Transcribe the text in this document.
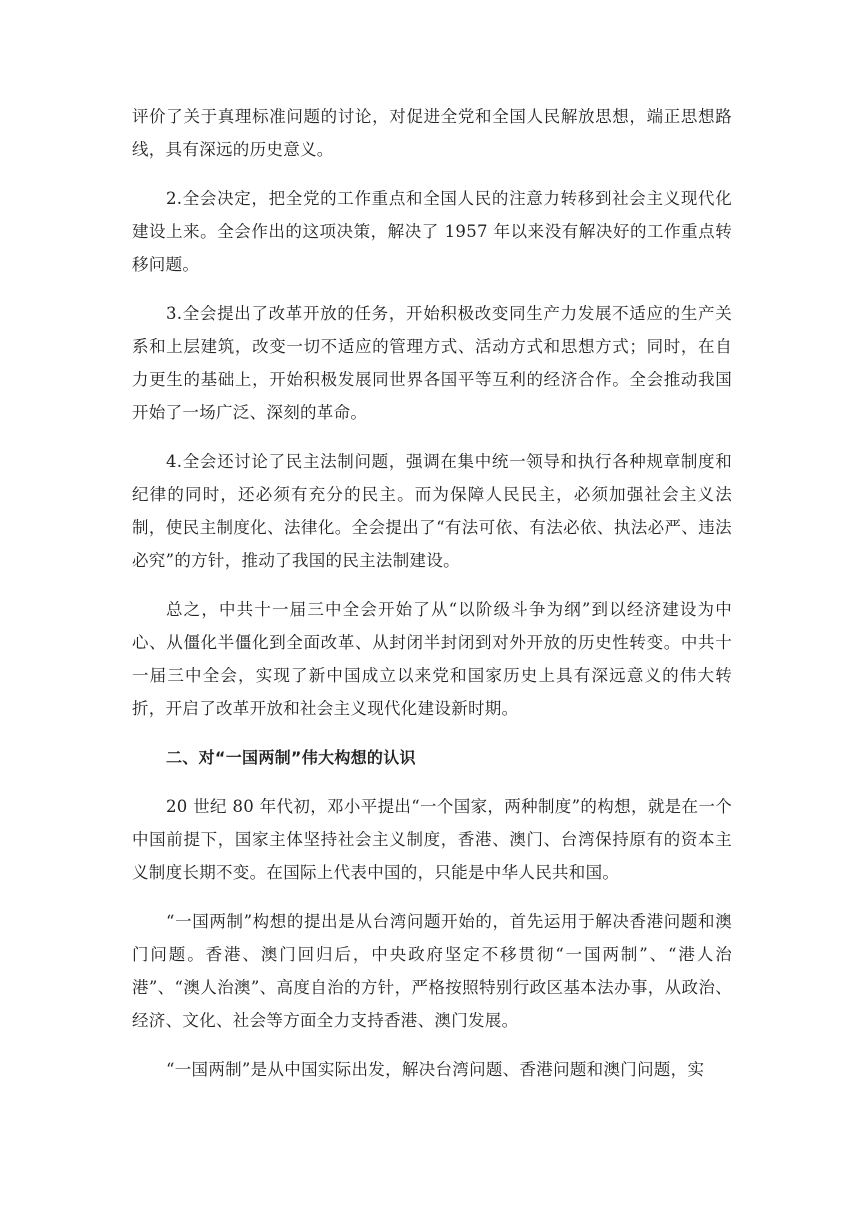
评价了关于真理标准问题的讨论，对促进全党和全国人民解放思想，端正思想路线，具有深远的历史意义。

2.全会决定，把全党的工作重点和全国人民的注意力转移到社会主义现代化建设上来。全会作出的这项决策，解决了 1957 年以来没有解决好的工作重点转移问题。

3.全会提出了改革开放的任务，开始积极改变同生产力发展不适应的生产关系和上层建筑，改变一切不适应的管理方式、活动方式和思想方式；同时，在自力更生的基础上，开始积极发展同世界各国平等互利的经济合作。全会推动我国开始了一场广泛、深刻的革命。

4.全会还讨论了民主法制问题，强调在集中统一领导和执行各种规章制度和纪律的同时，还必须有充分的民主。而为保障人民民主，必须加强社会主义法制，使民主制度化、法律化。全会提出了“有法可依、有法必依、执法必严、违法必究”的方针，推动了我国的民主法制建设。

总之，中共十一届三中全会开始了从“以阶级斗争为纲”到以经济建设为中心、从僵化半僵化到全面改革、从封闭半封闭到对外开放的历史性转变。中共十一届三中全会，实现了新中国成立以来党和国家历史上具有深远意义的伟大转折，开启了改革开放和社会主义现代化建设新时期。

二、对“一国两制”伟大构想的认识

20 世纪 80 年代初，邓小平提出“一个国家，两种制度”的构想，就是在一个中国前提下，国家主体坚持社会主义制度，香港、澳门、台湾保持原有的资本主义制度长期不变。在国际上代表中国的，只能是中华人民共和国。

“一国两制”构想的提出是从台湾问题开始的，首先运用于解决香港问题和澳门问题。香港、澳门回归后，中央政府坚定不移贯彻“一国两制”、“港人治港”、“澳人治澳”、高度自治的方针，严格按照特别行政区基本法办事，从政治、经济、文化、社会等方面全力支持香港、澳门发展。

“一国两制”是从中国实际出发，解决台湾问题、香港问题和澳门问题，实
